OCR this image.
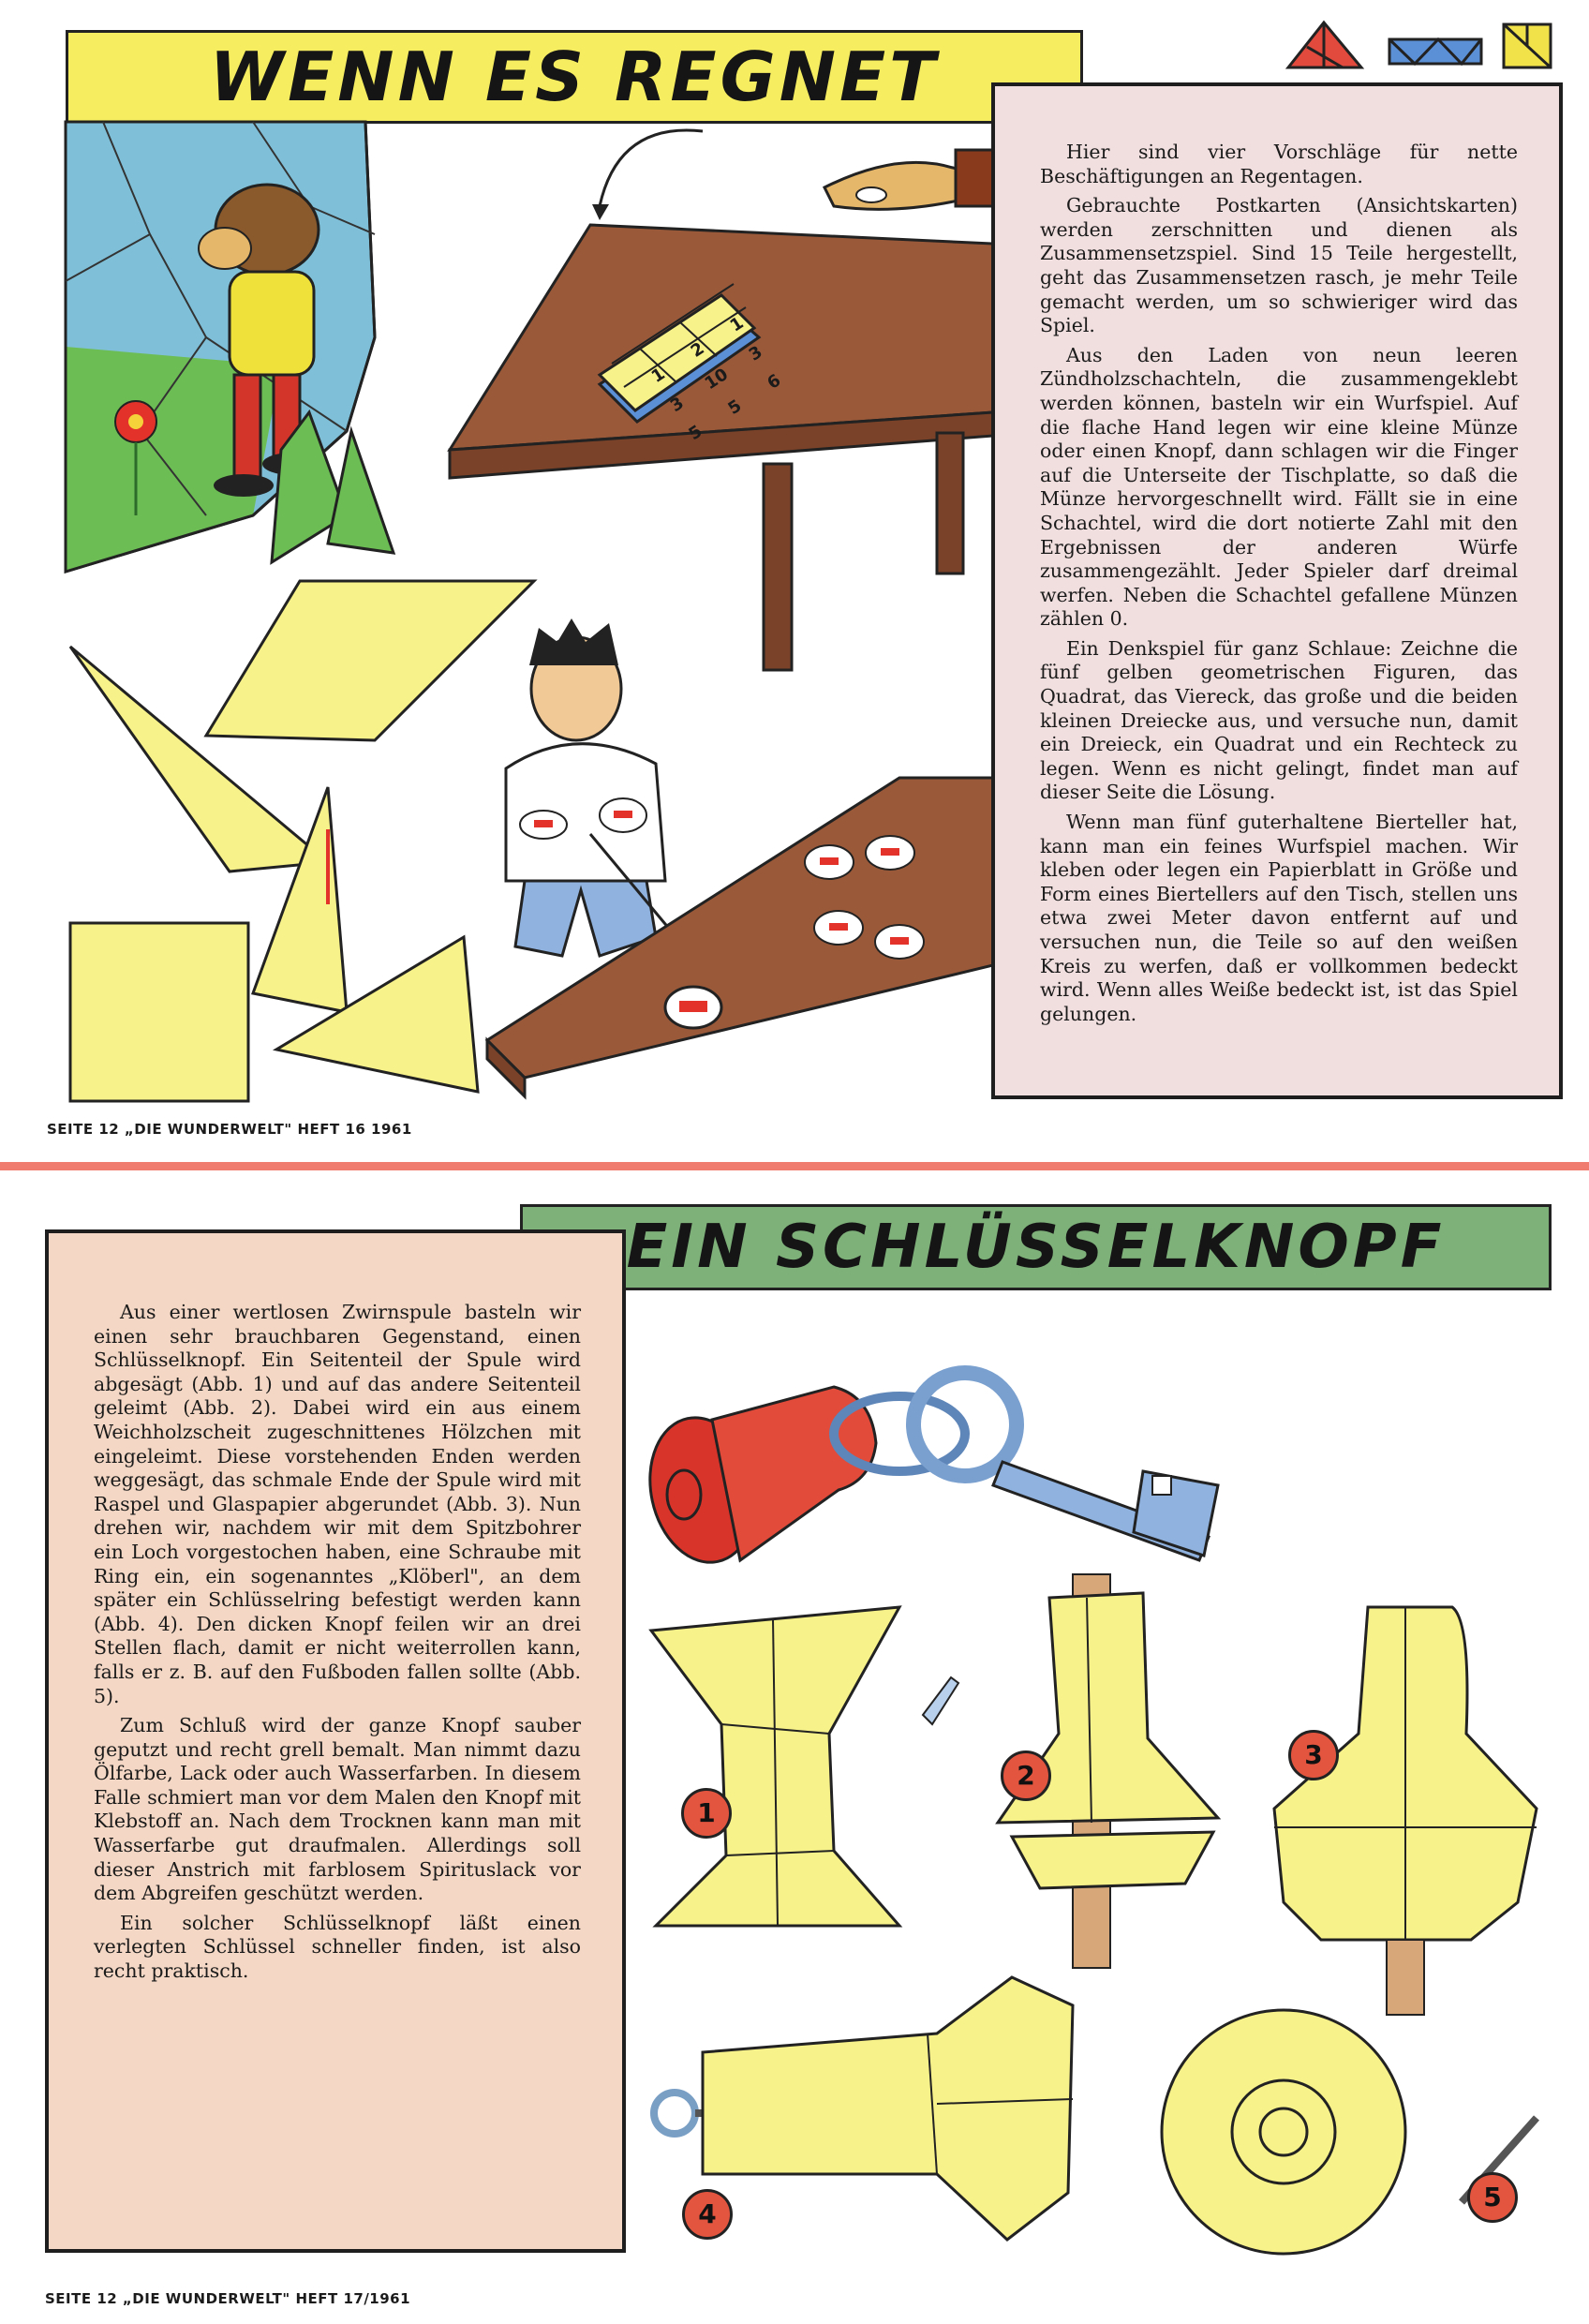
WENN ES REGNET
1
2
1
3
10
3
5
5
6

Hier sind vier Vorschläge für nette Beschäftigungen an Regentagen.

Gebrauchte Postkarten (Ansichtskarten) werden zerschnitten und dienen als Zusammensetzspiel. Sind 15 Teile hergestellt, geht das Zusammensetzen rasch, je mehr Teile gemacht werden, um so schwieriger wird das Spiel.

Aus den Laden von neun leeren Zündholzschachteln, die zusammengeklebt werden können, basteln wir ein Wurfspiel. Auf die flache Hand legen wir eine kleine Münze oder einen Knopf, dann schlagen wir die Finger auf die Unterseite der Tischplatte, so daß die Münze hervorgeschnellt wird. Fällt sie in eine Schachtel, wird die dort notierte Zahl mit den Ergebnissen der anderen Würfe zusammengezählt. Jeder Spieler darf dreimal werfen. Neben die Schachtel gefallene Münzen zählen 0.

Ein Denkspiel für ganz Schlaue: Zeichne die fünf gelben geometrischen Figuren, das Quadrat, das Viereck, das große und die beiden kleinen Dreiecke aus, und versuche nun, damit ein Dreieck, ein Quadrat und ein Rechteck zu legen. Wenn es nicht gelingt, findet man auf dieser Seite die Lösung.

Wenn man fünf guterhaltene Bierteller hat, kann man ein feines Wurfspiel machen. Wir kleben oder legen ein Papierblatt in Größe und Form eines Biertellers auf den Tisch, stellen uns etwa zwei Meter davon entfernt auf und versuchen nun, die Teile so auf den weißen Kreis zu werfen, daß er vollkommen bedeckt wird. Wenn alles Weiße bedeckt ist, ist das Spiel gelungen.

SEITE 12 „DIE WUNDERWELT" HEFT 16 1961
EIN SCHLÜSSELKNOPF

Aus einer wertlosen Zwirnspule basteln wir einen sehr brauchbaren Gegenstand, einen Schlüsselknopf. Ein Seitenteil der Spule wird abgesägt (Abb. 1) und auf das andere Seitenteil geleimt (Abb. 2). Dabei wird ein aus einem Weichholzscheit zugeschnittenes Hölzchen mit eingeleimt. Diese vorstehenden Enden werden weggesägt, das schmale Ende der Spule wird mit Raspel und Glaspapier abgerundet (Abb. 3). Nun drehen wir, nachdem wir mit dem Spitzbohrer ein Loch vorgestochen haben, eine Schraube mit Ring ein, ein sogenanntes „Klöberl", an dem später ein Schlüsselring befestigt werden kann (Abb. 4). Den dicken Knopf feilen wir an drei Stellen flach, damit er nicht weiterrollen kann, falls er z. B. auf den Fußboden fallen sollte (Abb. 5).

Zum Schluß wird der ganze Knopf sauber geputzt und recht grell bemalt. Man nimmt dazu Ölfarbe, Lack oder auch Wasserfarben. In diesem Falle schmiert man vor dem Malen den Knopf mit Klebstoff an. Nach dem Trocknen kann man mit Wasserfarbe gut draufmalen. Allerdings soll dieser Anstrich mit farblosem Spirituslack vor dem Abgreifen geschützt werden.

Ein solcher Schlüsselknopf läßt einen verlegten Schlüssel schneller finden, ist also recht praktisch.

1
2
3
4
5
SEITE 12 „DIE WUNDERWELT" HEFT 17/1961
